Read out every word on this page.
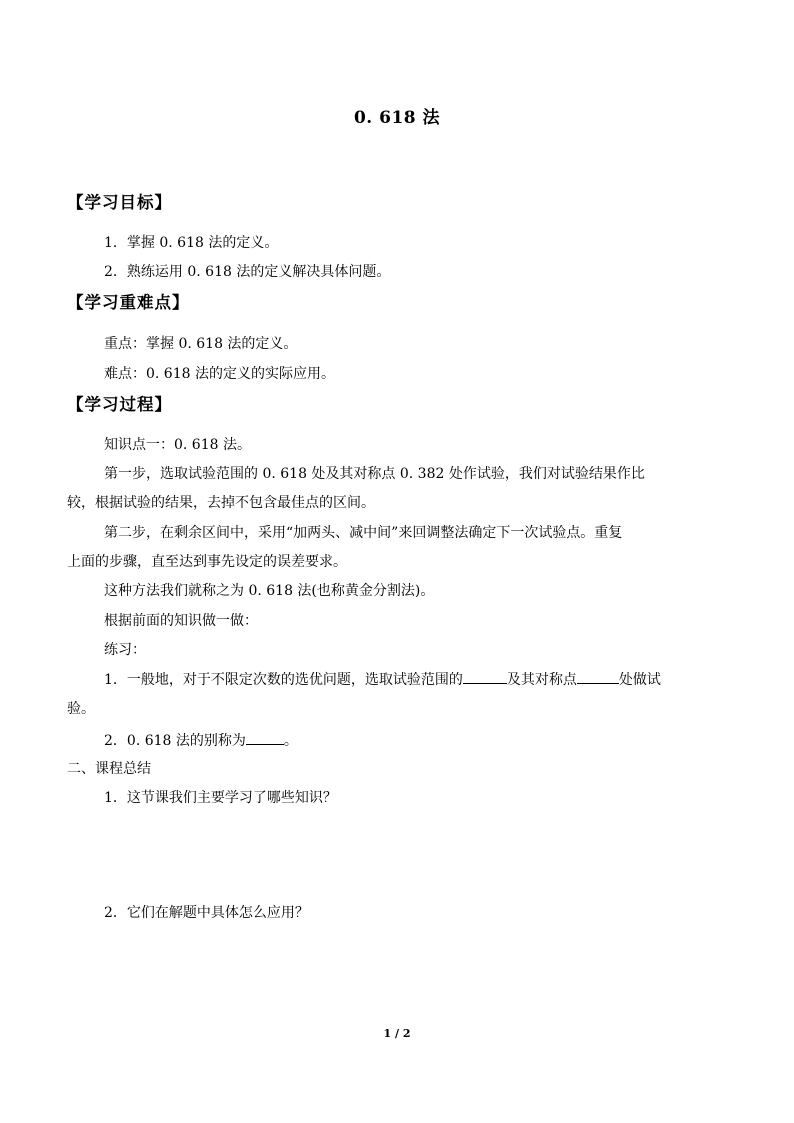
0. 618 法
【学习目标】
1．掌握 0. 618 法的定义。
2．熟练运用 0. 618 法的定义解决具体问题。
【学习重难点】
重点：掌握 0. 618 法的定义。
难点：0. 618 法的定义的实际应用。
【学习过程】
知识点一：0. 618 法。
第一步，选取试验范围的 0. 618 处及其对称点 0. 382 处作试验，我们对试验结果作比
较，根据试验的结果，去掉不包含最佳点的区间。
第二步，在剩余区间中，采用“加两头、减中间”来回调整法确定下一次试验点。重复
上面的步骤，直至达到事先设定的误差要求。
这种方法我们就称之为 0. 618 法(也称黄金分割法)。
根据前面的知识做一做：
练习：
1．一般地，对于不限定次数的选优问题，选取试验范围的	及其对称点	处做试
验。
2．0. 618 法的别称为	。
二、课程总结
1．这节课我们主要学习了哪些知识？
2．它们在解题中具体怎么应用？
1 / 2
